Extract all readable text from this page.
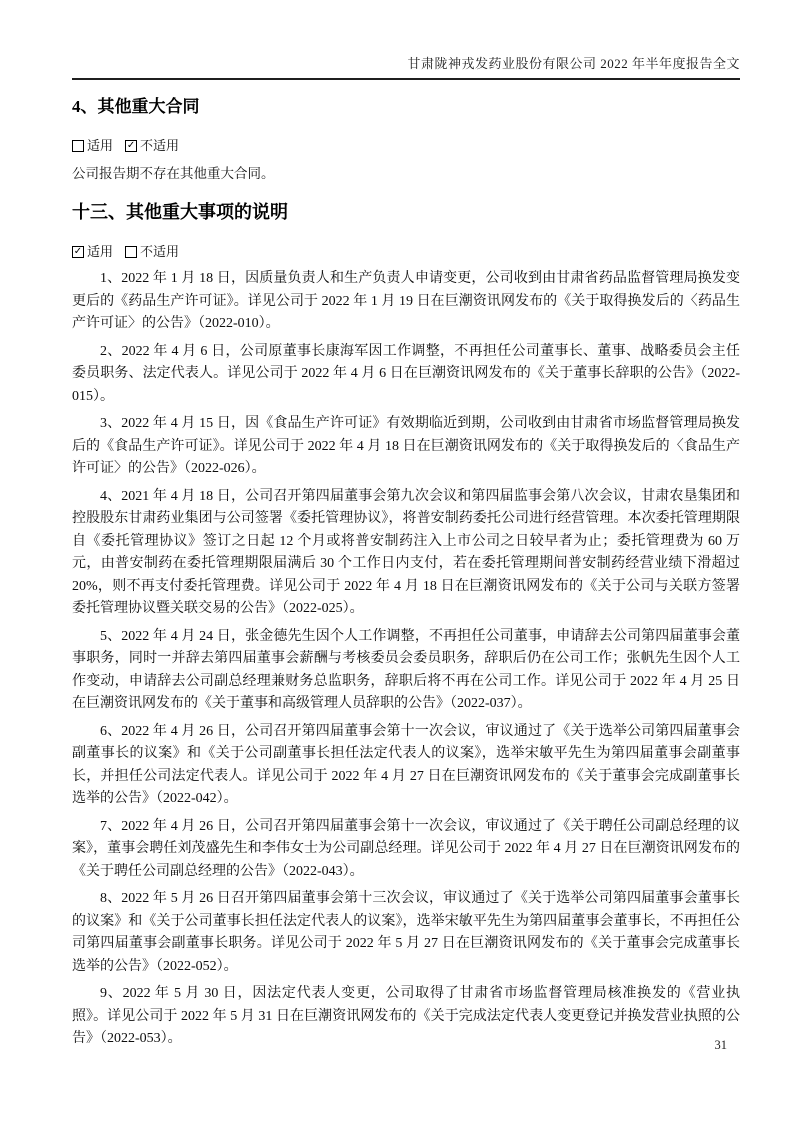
甘肃陇神戎发药业股份有限公司 2022 年半年度报告全文
4、其他重大合同
适用 ✓ 不适用
公司报告期不存在其他重大合同。
十三、其他重大事项的说明
✓ 适用 不适用

1、2022 年 1 月 18 日，因质量负责人和生产负责人申请变更，公司收到由甘肃省药品监督管理局换发变更后的《药品生产许可证》。详见公司于 2022 年 1 月 19 日在巨潮资讯网发布的《关于取得换发后的〈药品生产许可证〉的公告》（2022-010）。

2、2022 年 4 月 6 日，公司原董事长康海军因工作调整，不再担任公司董事长、董事、战略委员会主任委员职务、法定代表人。详见公司于 2022 年 4 月 6 日在巨潮资讯网发布的《关于董事长辞职的公告》（2022-015）。

3、2022 年 4 月 15 日，因《食品生产许可证》有效期临近到期，公司收到由甘肃省市场监督管理局换发后的《食品生产许可证》。详见公司于 2022 年 4 月 18 日在巨潮资讯网发布的《关于取得换发后的〈食品生产许可证〉的公告》（2022-026）。

4、2021 年 4 月 18 日，公司召开第四届董事会第九次会议和第四届监事会第八次会议，甘肃农垦集团和控股股东甘肃药业集团与公司签署《委托管理协议》，将普安制药委托公司进行经营管理。本次委托管理期限自《委托管理协议》签订之日起 12 个月或将普安制药注入上市公司之日较早者为止；委托管理费为 60 万元，由普安制药在委托管理期限届满后 30 个工作日内支付，若在委托管理期间普安制药经营业绩下滑超过 20%，则不再支付委托管理费。详见公司于 2022 年 4 月 18 日在巨潮资讯网发布的《关于公司与关联方签署委托管理协议暨关联交易的公告》（2022-025）。

5、2022 年 4 月 24 日，张金德先生因个人工作调整，不再担任公司董事，申请辞去公司第四届董事会董事职务，同时一并辞去第四届董事会薪酬与考核委员会委员职务，辞职后仍在公司工作；张帆先生因个人工作变动，申请辞去公司副总经理兼财务总监职务，辞职后将不再在公司工作。详见公司于 2022 年 4 月 25 日在巨潮资讯网发布的《关于董事和高级管理人员辞职的公告》（2022-037）。

6、2022 年 4 月 26 日，公司召开第四届董事会第十一次会议，审议通过了《关于选举公司第四届董事会副董事长的议案》和《关于公司副董事长担任法定代表人的议案》，选举宋敏平先生为第四届董事会副董事长，并担任公司法定代表人。详见公司于 2022 年 4 月 27 日在巨潮资讯网发布的《关于董事会完成副董事长选举的公告》（2022-042）。

7、2022 年 4 月 26 日，公司召开第四届董事会第十一次会议，审议通过了《关于聘任公司副总经理的议案》，董事会聘任刘茂盛先生和李伟女士为公司副总经理。详见公司于 2022 年 4 月 27 日在巨潮资讯网发布的《关于聘任公司副总经理的公告》（2022-043）。

8、2022 年 5 月 26 日召开第四届董事会第十三次会议，审议通过了《关于选举公司第四届董事会董事长的议案》和《关于公司董事长担任法定代表人的议案》，选举宋敏平先生为第四届董事会董事长，不再担任公司第四届董事会副董事长职务。详见公司于 2022 年 5 月 27 日在巨潮资讯网发布的《关于董事会完成董事长选举的公告》（2022-052）。

9、2022 年 5 月 30 日，因法定代表人变更，公司取得了甘肃省市场监督管理局核准换发的《营业执照》。详见公司于 2022 年 5 月 31 日在巨潮资讯网发布的《关于完成法定代表人变更登记并换发营业执照的公告》（2022-053）。	31
